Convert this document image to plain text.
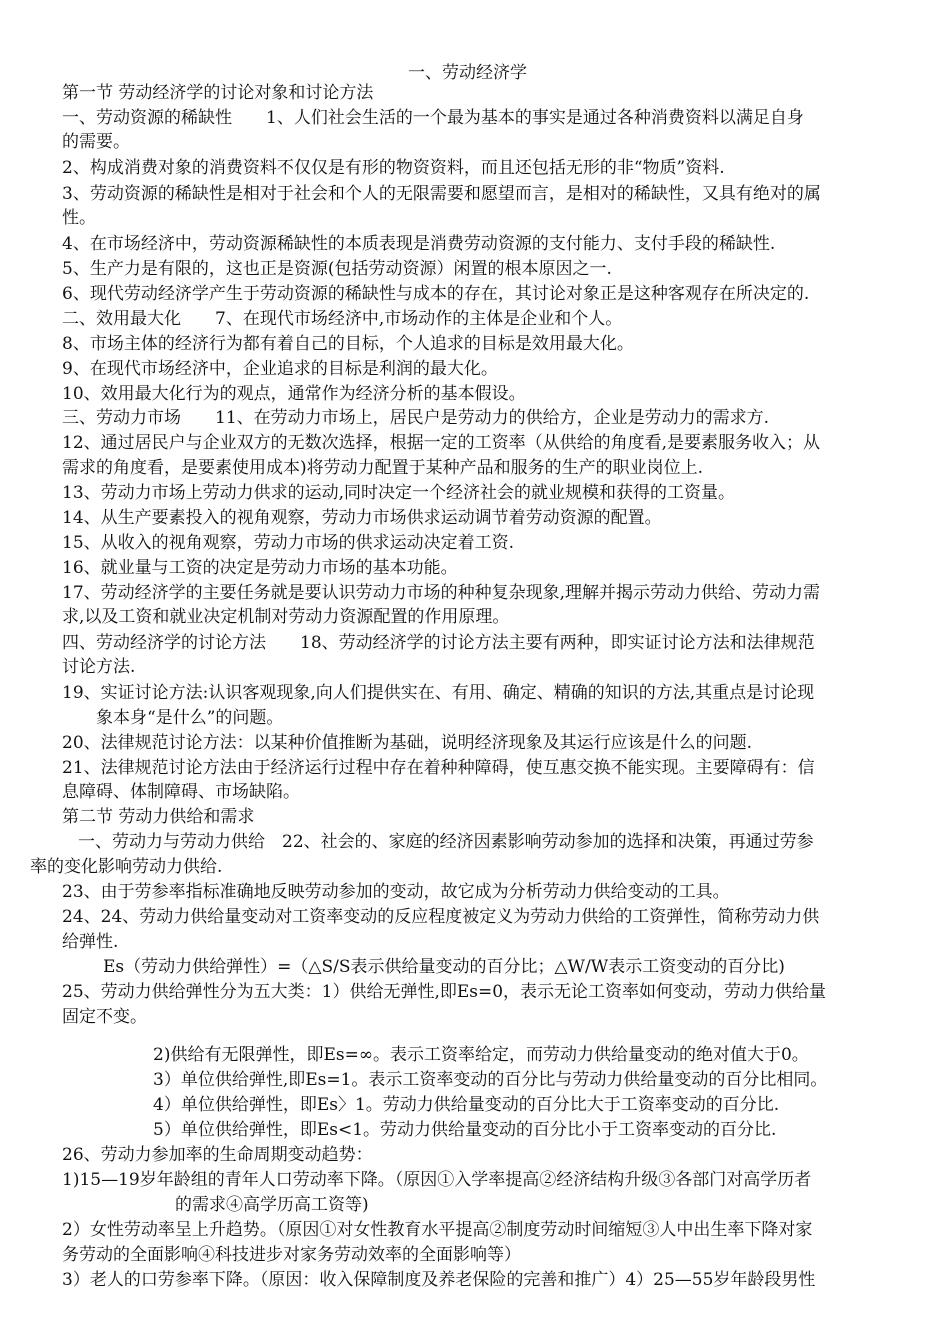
一、劳动经济学
第一节 劳动经济学的讨论对象和讨论方法
一、劳动资源的稀缺性　　1、人们社会生活的一个最为基本的事实是通过各种消费资料以满足自身
的需要。
2、构成消费对象的消费资料不仅仅是有形的物资资料，而且还包括无形的非“物质”资料.
3、劳动资源的稀缺性是相对于社会和个人的无限需要和愿望而言，是相对的稀缺性，又具有绝对的属
性。
4、在市场经济中，劳动资源稀缺性的本质表现是消费劳动资源的支付能力、支付手段的稀缺性.
5、生产力是有限的，这也正是资源(包括劳动资源）闲置的根本原因之一.
6、现代劳动经济学产生于劳动资源的稀缺性与成本的存在，其讨论对象正是这种客观存在所决定的.
二、效用最大化　　7、在现代市场经济中,市场动作的主体是企业和个人。
8、市场主体的经济行为都有着自己的目标，个人追求的目标是效用最大化。
9、在现代市场经济中，企业追求的目标是利润的最大化。
10、效用最大化行为的观点，通常作为经济分析的基本假设。
三、劳动力市场　　11、在劳动力市场上，居民户是劳动力的供给方，企业是劳动力的需求方.
12、通过居民户与企业双方的无数次选择，根据一定的工资率（从供给的角度看,是要素服务收入；从
需求的角度看，是要素使用成本)将劳动力配置于某种产品和服务的生产的职业岗位上.
13、劳动力市场上劳动力供求的运动,同时决定一个经济社会的就业规模和获得的工资量。
14、从生产要素投入的视角观察，劳动力市场供求运动调节着劳动资源的配置。
15、从收入的视角观察，劳动力市场的供求运动决定着工资.
16、就业量与工资的决定是劳动力市场的基本功能。
17、劳动经济学的主要任务就是要认识劳动力市场的种种复杂现象,理解并揭示劳动力供给、劳动力需
求,以及工资和就业决定机制对劳动力资源配置的作用原理。
四、劳动经济学的讨论方法　　18、劳动经济学的讨论方法主要有两种，即实证讨论方法和法律规范
讨论方法.
19、实证讨论方法:认识客观现象,向人们提供实在、有用、确定、精确的知识的方法,其重点是讨论现
象本身“是什么”的问题。
20、法律规范讨论方法：以某种价值推断为基础，说明经济现象及其运行应该是什么的问题.
21、法律规范讨论方法由于经济运行过程中存在着种种障碍，使互惠交换不能实现。主要障碍有：信
息障碍、体制障碍、市场缺陷。
第二节 劳动力供给和需求
一、劳动力与劳动力供给　22、社会的、家庭的经济因素影响劳动参加的选择和决策，再通过劳参
率的变化影响劳动力供给.
23、由于劳参率指标准确地反映劳动参加的变动，故它成为分析劳动力供给变动的工具。
24、24、劳动力供给量变动对工资率变动的反应程度被定义为劳动力供给的工资弹性，简称劳动力供
给弹性.
Es（劳动力供给弹性）=（△S/S表示供给量变动的百分比；△W/W表示工资变动的百分比)
25、劳动力供给弹性分为五大类：1）供给无弹性,即Es=0，表示无论工资率如何变动，劳动力供给量
固定不变。
2)供给有无限弹性，即Es=∞。表示工资率给定，而劳动力供给量变动的绝对值大于0。
3）单位供给弹性,即Es=1。表示工资率变动的百分比与劳动力供给量变动的百分比相同。
4）单位供给弹性，即Es〉1。劳动力供给量变动的百分比大于工资率变动的百分比.
5）单位供给弹性，即Es<1。劳动力供给量变动的百分比小于工资率变动的百分比.
26、劳动力参加率的生命周期变动趋势：
1)15—19岁年龄组的青年人口劳动率下降。（原因①入学率提高②经济结构升级③各部门对高学历者
的需求④高学历高工资等)
2）女性劳动率呈上升趋势。（原因①对女性教育水平提高②制度劳动时间缩短③人中出生率下降对家
务劳动的全面影响④科技进步对家务劳动效率的全面影响等）
3）老人的口劳参率下降。（原因：收入保障制度及养老保险的完善和推广）4）25—55岁年龄段男性
